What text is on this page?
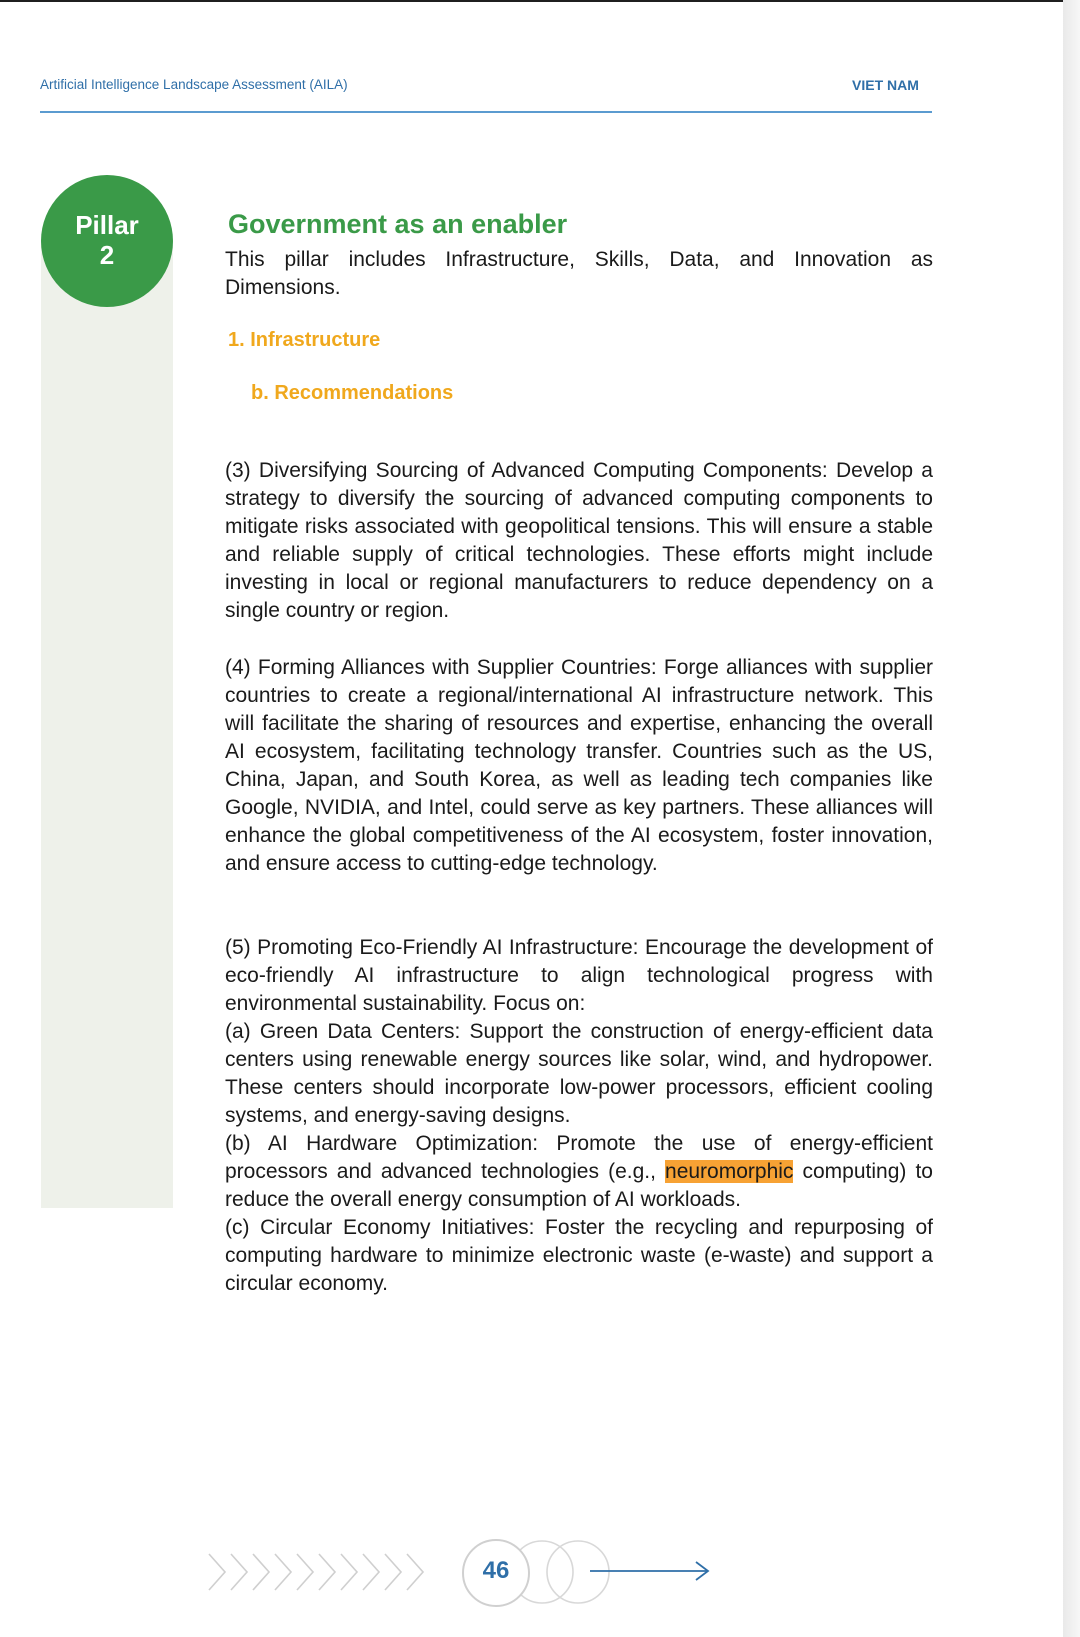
Artificial Intelligence Landscape Assessment (AILA)	VIET NAM
Pillar
2
Government as an enabler

This pillar includes Infrastructure, Skills, Data, and Innovation as Dimensions.

1. Infrastructure
b. Recommendations

(3) Diversifying Sourcing of Advanced Computing Components: Develop a strategy to diversify the sourcing of advanced computing components to mitigate risks associated with geopolitical tensions. This will ensure a stable and reliable supply of critical technologies. These efforts might include investing in local or regional manufacturers to reduce dependency on a single country or region.

(4) Forming Alliances with Supplier Countries: Forge alliances with supplier countries to create a regional/international AI infrastructure network. This will facilitate the sharing of resources and expertise, enhancing the overall AI ecosystem, facilitating technology transfer. Countries such as the US, China, Japan, and South Korea, as well as leading tech companies like Google, NVIDIA, and Intel, could serve as key partners. These alliances will enhance the global competitiveness of the AI ecosystem, foster innovation, and ensure access to cutting-edge technology.

(5) Promoting Eco-Friendly AI Infrastructure: Encourage the development of eco-friendly AI infrastructure to align technological progress with environmental sustainability. Focus on:

(a) Green Data Centers: Support the construction of energy-efficient data centers using renewable energy sources like solar, wind, and hydropower. These centers should incorporate low-power processors, efficient cooling systems, and energy-saving designs.

(b) AI Hardware Optimization: Promote the use of energy-efficient processors and advanced technologies (e.g., neuromorphic computing) to reduce the overall energy consumption of AI workloads.

(c) Circular Economy Initiatives: Foster the recycling and repurposing of computing hardware to minimize electronic waste (e-waste) and support a circular economy.

46
